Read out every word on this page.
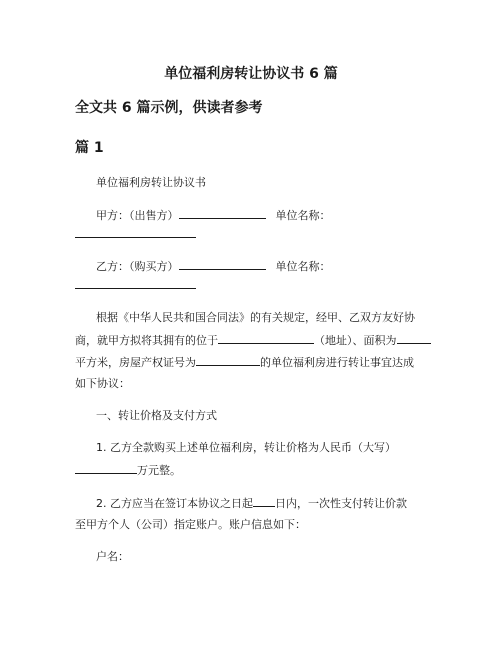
单位福利房转让协议书 6 篇
全文共 6 篇示例，供读者参考
篇 1
单位福利房转让协议书
甲方：（出售方）	单位名称：
乙方：（购买方）	单位名称：
根据《中华人民共和国合同法》的有关规定，经甲、乙双方友好协
商，就甲方拟将其拥有的位于	（地址）、面积为
平方米，房屋产权证号为	的单位福利房进行转让事宜达成
如下协议：
一、转让价格及支付方式
1. 乙方全款购买上述单位福利房，转让价格为人民币（大写）
万元整。
2. 乙方应当在签订本协议之日起 日内，一次性支付转让价款
至甲方个人（公司）指定账户。账户信息如下：
户名：
